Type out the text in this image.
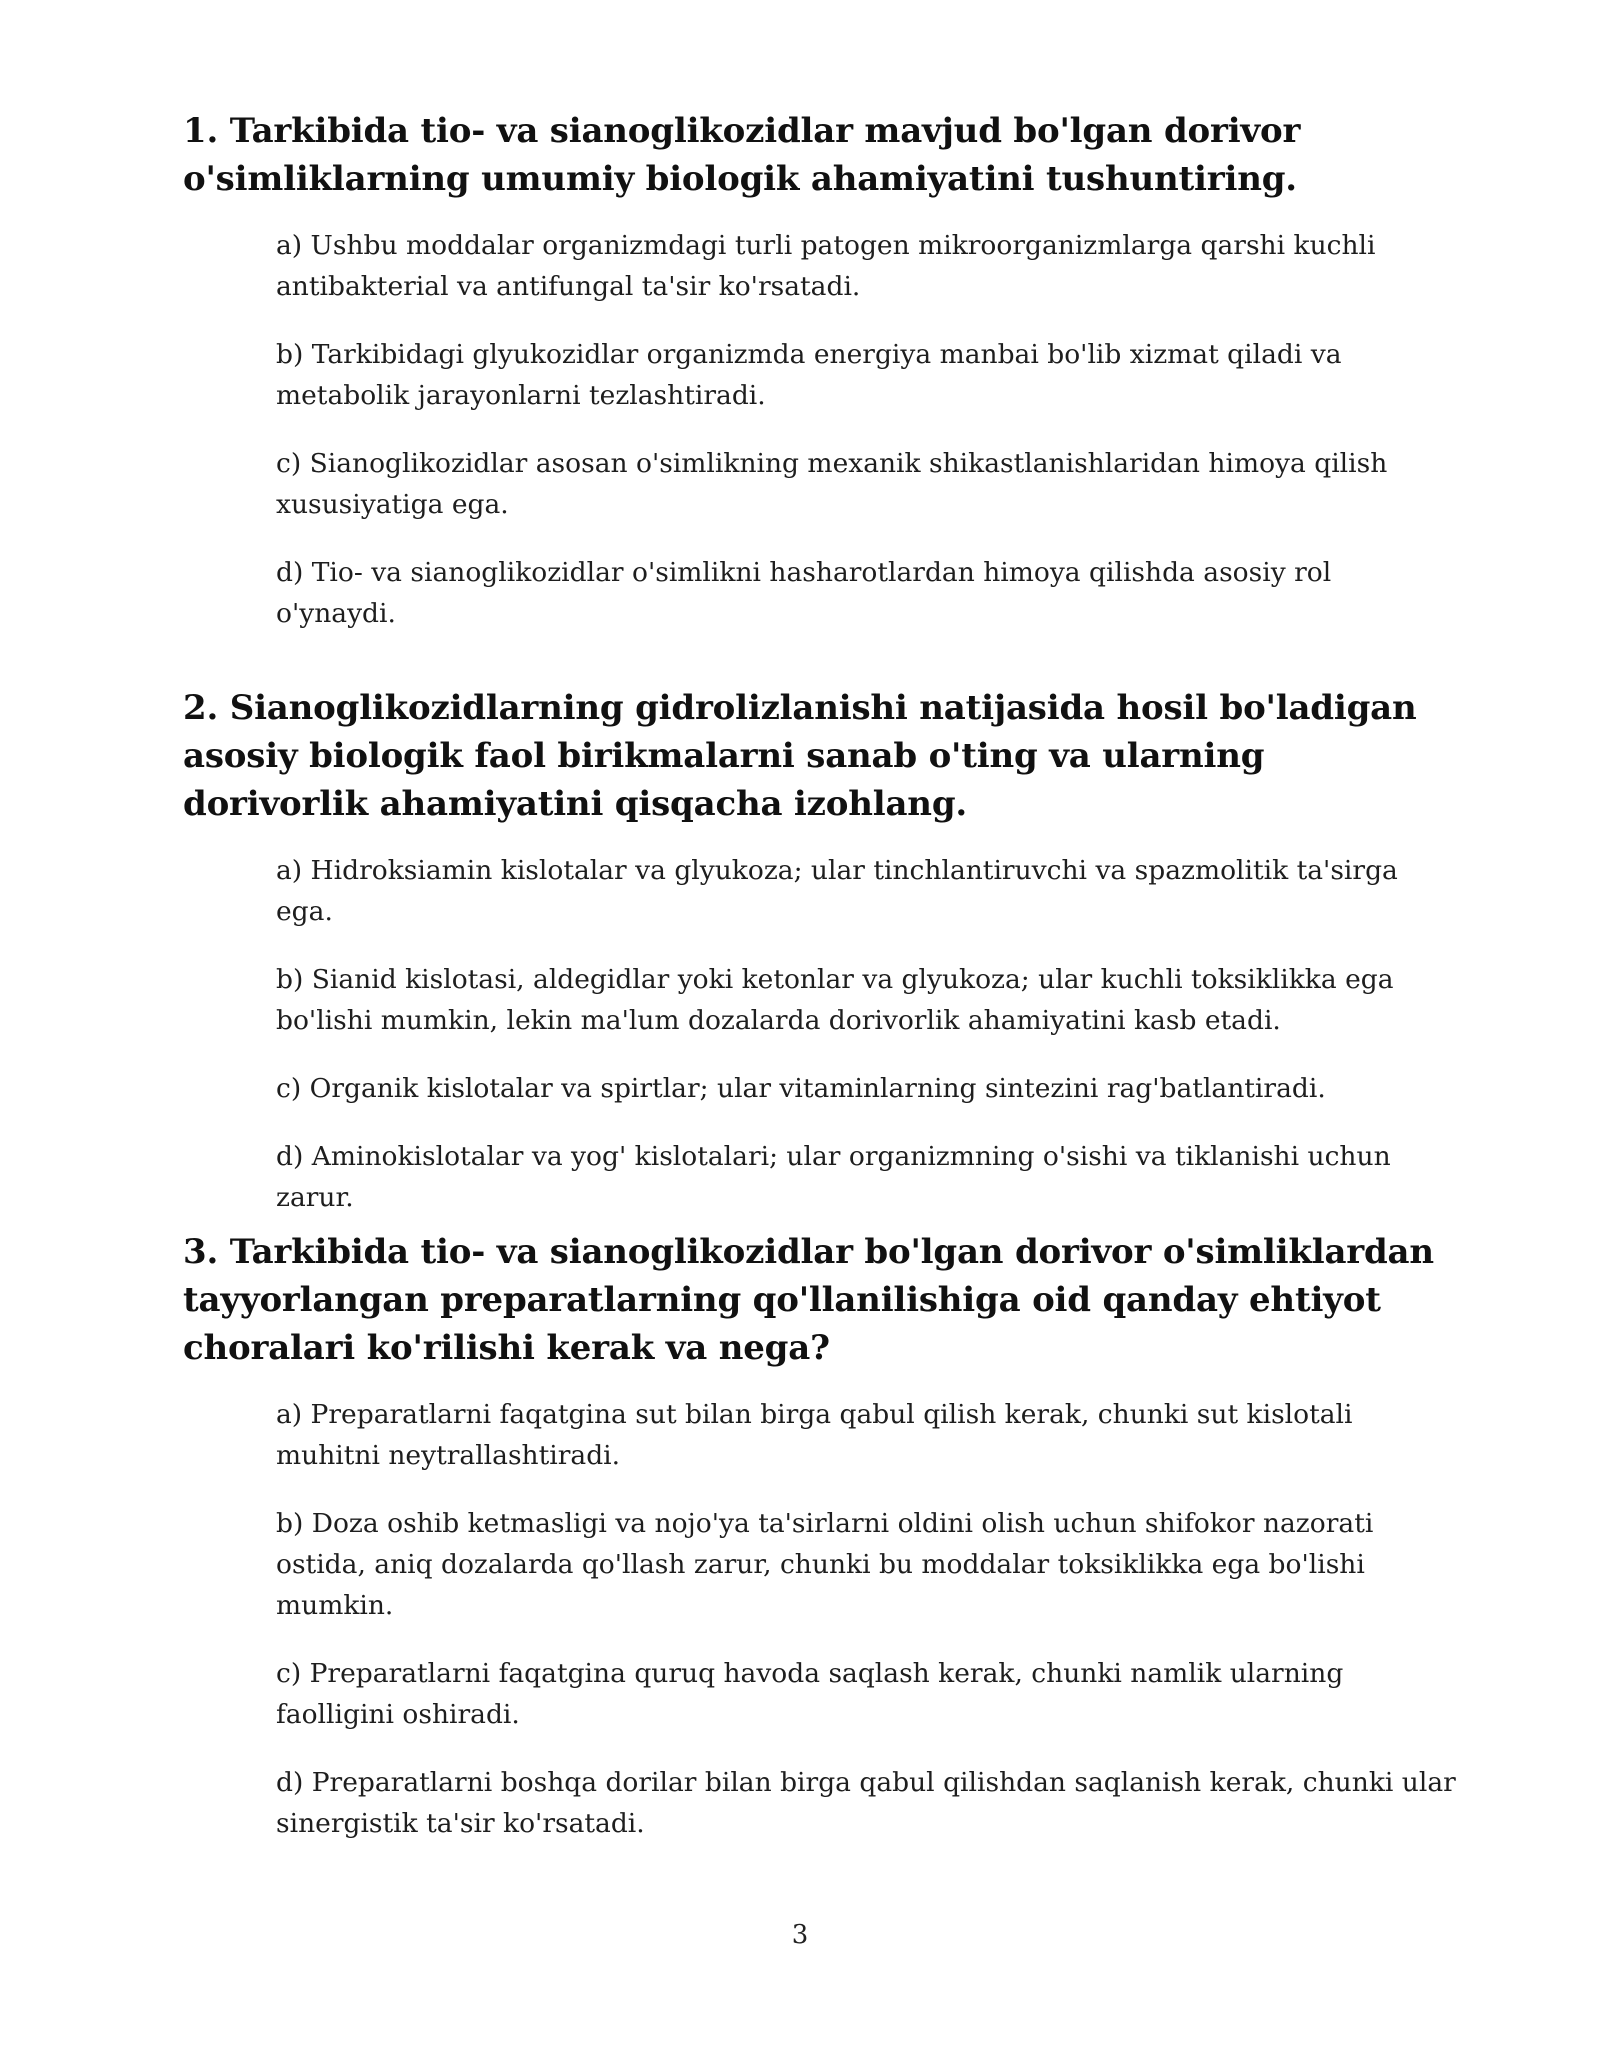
1. Tarkibida tio- va sianoglikozidlar mavjud bo'lgan dorivor o'simliklarning umumiy biologik ahamiyatini tushuntiring.
a) Ushbu moddalar organizmdagi turli patogen mikroorganizmlarga qarshi kuchli antibakterial va antifungal ta'sir ko'rsatadi.
b) Tarkibidagi glyukozidlar organizmda energiya manbai bo'lib xizmat qiladi va metabolik jarayonlarni tezlashtiradi.
c) Sianoglikozidlar asosan o'simlikning mexanik shikastlanishlaridan himoya qilish xususiyatiga ega.
d) Tio- va sianoglikozidlar o'simlikni hasharotlardan himoya qilishda asosiy rol o'ynaydi.
2. Sianoglikozidlarning gidrolizlanishi natijasida hosil bo'ladigan asosiy biologik faol birikmalarni sanab o'ting va ularning dorivorlik ahamiyatini qisqacha izohlang.
a) Hidroksiamin kislotalar va glyukoza; ular tinchlantiruvchi va spazmolitik ta'sirga ega.
b) Sianid kislotasi, aldegidlar yoki ketonlar va glyukoza; ular kuchli toksiklikka ega bo'lishi mumkin, lekin ma'lum dozalarda dorivorlik ahamiyatini kasb etadi.
c) Organik kislotalar va spirtlar; ular vitaminlarning sintezini rag'batlantiradi.
d) Aminokislotalar va yog' kislotalari; ular organizmning o'sishi va tiklanishi uchun zarur.
3. Tarkibida tio- va sianoglikozidlar bo'lgan dorivor o'simliklardan tayyorlangan preparatlarning qo'llanilishiga oid qanday ehtiyot choralari ko'rilishi kerak va nega?
a) Preparatlarni faqatgina sut bilan birga qabul qilish kerak, chunki sut kislotali muhitni neytrallashtiradi.
b) Doza oshib ketmasligi va nojo'ya ta'sirlarni oldini olish uchun shifokor nazorati ostida, aniq dozalarda qo'llash zarur, chunki bu moddalar toksiklikka ega bo'lishi mumkin.
c) Preparatlarni faqatgina quruq havoda saqlash kerak, chunki namlik ularning faolligini oshiradi.
d) Preparatlarni boshqa dorilar bilan birga qabul qilishdan saqlanish kerak, chunki ular sinergistik ta'sir ko'rsatadi.
3
